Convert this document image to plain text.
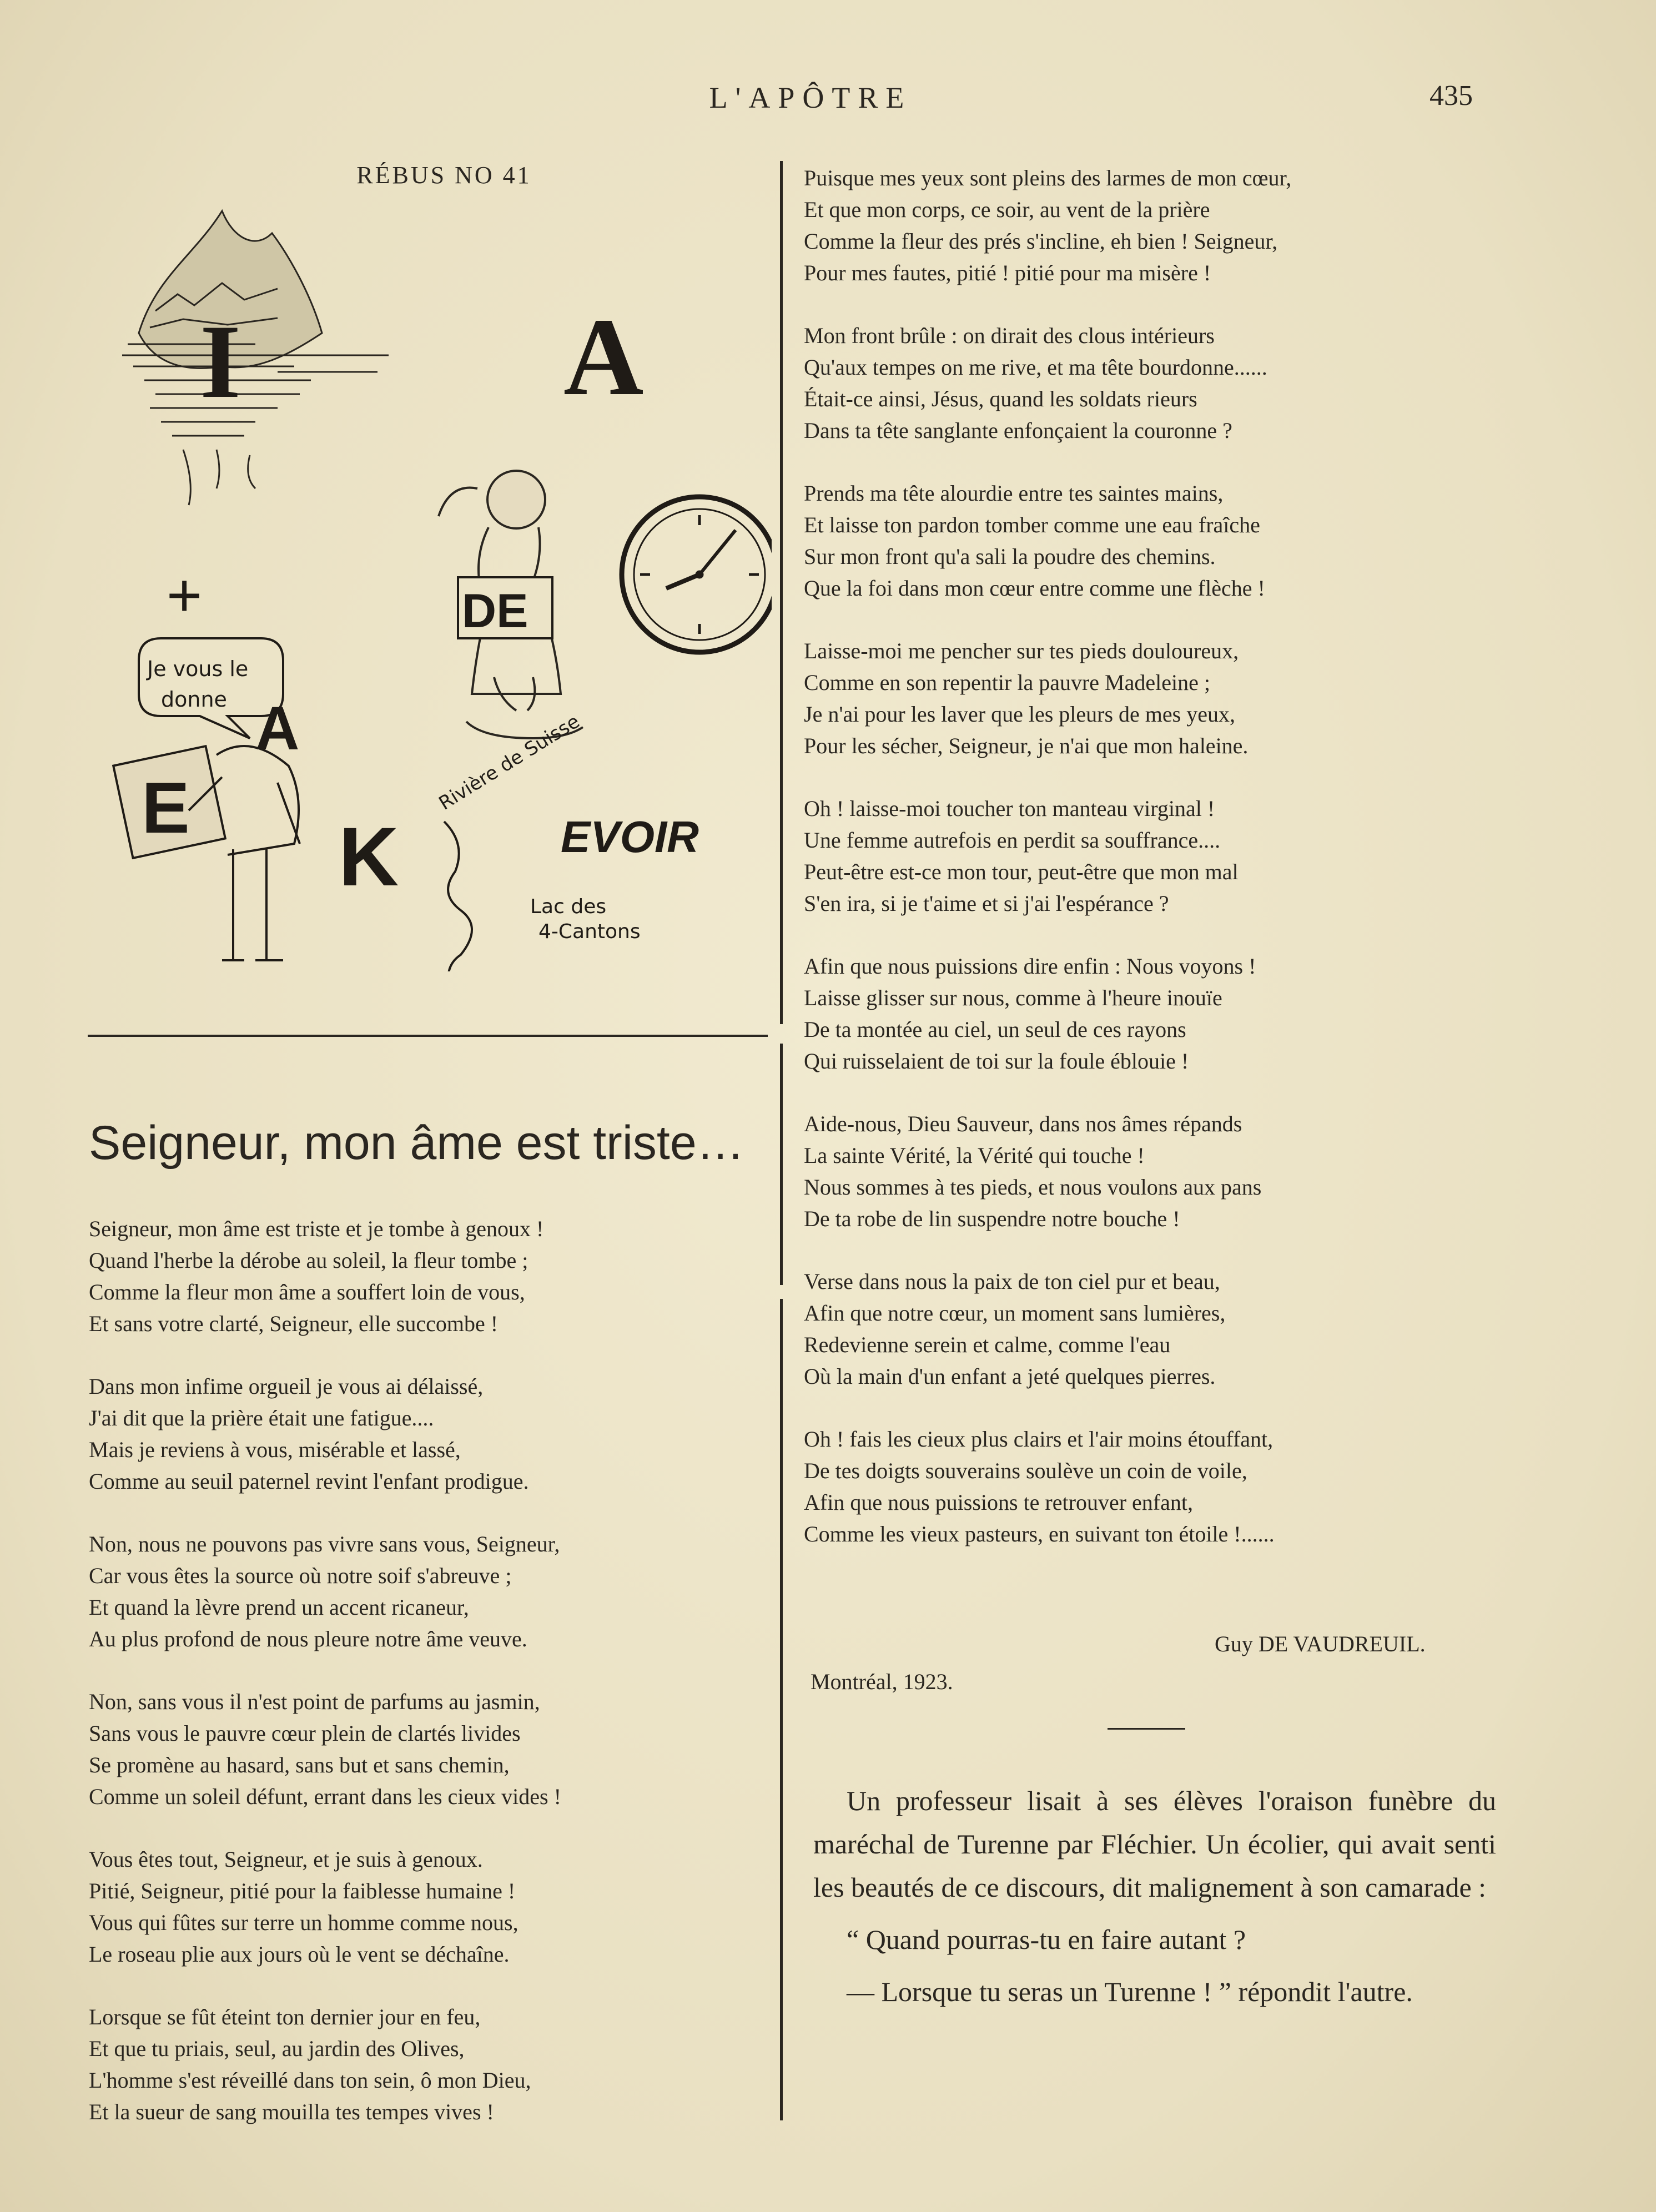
L'APÔTRE	435
RÉBUS NO 41
I	A
+	DE
Je vous le
donne A
E
K
Rivière de Suisse
EVOIR
Lac des
4-Cantons
Seigneur, mon âme est triste…
Seigneur, mon âme est triste et je tombe à genoux !
Quand l'herbe la dérobe au soleil, la fleur tombe ;
Comme la fleur mon âme a souffert loin de vous,
Et sans votre clarté, Seigneur, elle succombe !
Dans mon infime orgueil je vous ai délaissé,
J'ai dit que la prière était une fatigue....
Mais je reviens à vous, misérable et lassé,
Comme au seuil paternel revint l'enfant prodigue.
Non, nous ne pouvons pas vivre sans vous, Seigneur,
Car vous êtes la source où notre soif s'abreuve ;
Et quand la lèvre prend un accent ricaneur,
Au plus profond de nous pleure notre âme veuve.
Non, sans vous il n'est point de parfums au jasmin,
Sans vous le pauvre cœur plein de clartés livides
Se promène au hasard, sans but et sans chemin,
Comme un soleil défunt, errant dans les cieux vides !
Vous êtes tout, Seigneur, et je suis à genoux.
Pitié, Seigneur, pitié pour la faiblesse humaine !
Vous qui fûtes sur terre un homme comme nous,
Le roseau plie aux jours où le vent se déchaîne.
Lorsque se fût éteint ton dernier jour en feu,
Et que tu priais, seul, au jardin des Olives,
L'homme s'est réveillé dans ton sein, ô mon Dieu,
Et la sueur de sang mouilla tes tempes vives !
Puisque mes yeux sont pleins des larmes de mon cœur,
Et que mon corps, ce soir, au vent de la prière
Comme la fleur des prés s'incline, eh bien ! Seigneur,
Pour mes fautes, pitié ! pitié pour ma misère !
Mon front brûle : on dirait des clous intérieurs
Qu'aux tempes on me rive, et ma tête bourdonne......
Était-ce ainsi, Jésus, quand les soldats rieurs
Dans ta tête sanglante enfonçaient la couronne ?
Prends ma tête alourdie entre tes saintes mains,
Et laisse ton pardon tomber comme une eau fraîche
Sur mon front qu'a sali la poudre des chemins.
Que la foi dans mon cœur entre comme une flèche !
Laisse-moi me pencher sur tes pieds douloureux,
Comme en son repentir la pauvre Madeleine ;
Je n'ai pour les laver que les pleurs de mes yeux,
Pour les sécher, Seigneur, je n'ai que mon haleine.
Oh ! laisse-moi toucher ton manteau virginal !
Une femme autrefois en perdit sa souffrance....
Peut-être est-ce mon tour, peut-être que mon mal
S'en ira, si je t'aime et si j'ai l'espérance ?
Afin que nous puissions dire enfin : Nous voyons !
Laisse glisser sur nous, comme à l'heure inouïe
De ta montée au ciel, un seul de ces rayons
Qui ruisselaient de toi sur la foule éblouie !
Aide-nous, Dieu Sauveur, dans nos âmes répands
La sainte Vérité, la Vérité qui touche !
Nous sommes à tes pieds, et nous voulons aux pans
De ta robe de lin suspendre notre bouche !
Verse dans nous la paix de ton ciel pur et beau,
Afin que notre cœur, un moment sans lumières,
Redevienne serein et calme, comme l'eau
Où la main d'un enfant a jeté quelques pierres.
Oh ! fais les cieux plus clairs et l'air moins étouffant,
De tes doigts souverains soulève un coin de voile,
Afin que nous puissions te retrouver enfant,
Comme les vieux pasteurs, en suivant ton étoile !......
Guy DE VAUDREUIL.
Montréal, 1923.

Un professeur lisait à ses élèves l'oraison funèbre du maréchal de Turenne par Fléchier. Un écolier, qui avait senti les beautés de ce discours, dit malignement à son camarade :

“ Quand pourras-tu en faire autant ?

— Lorsque tu seras un Turenne ! ” répondit l'autre.
